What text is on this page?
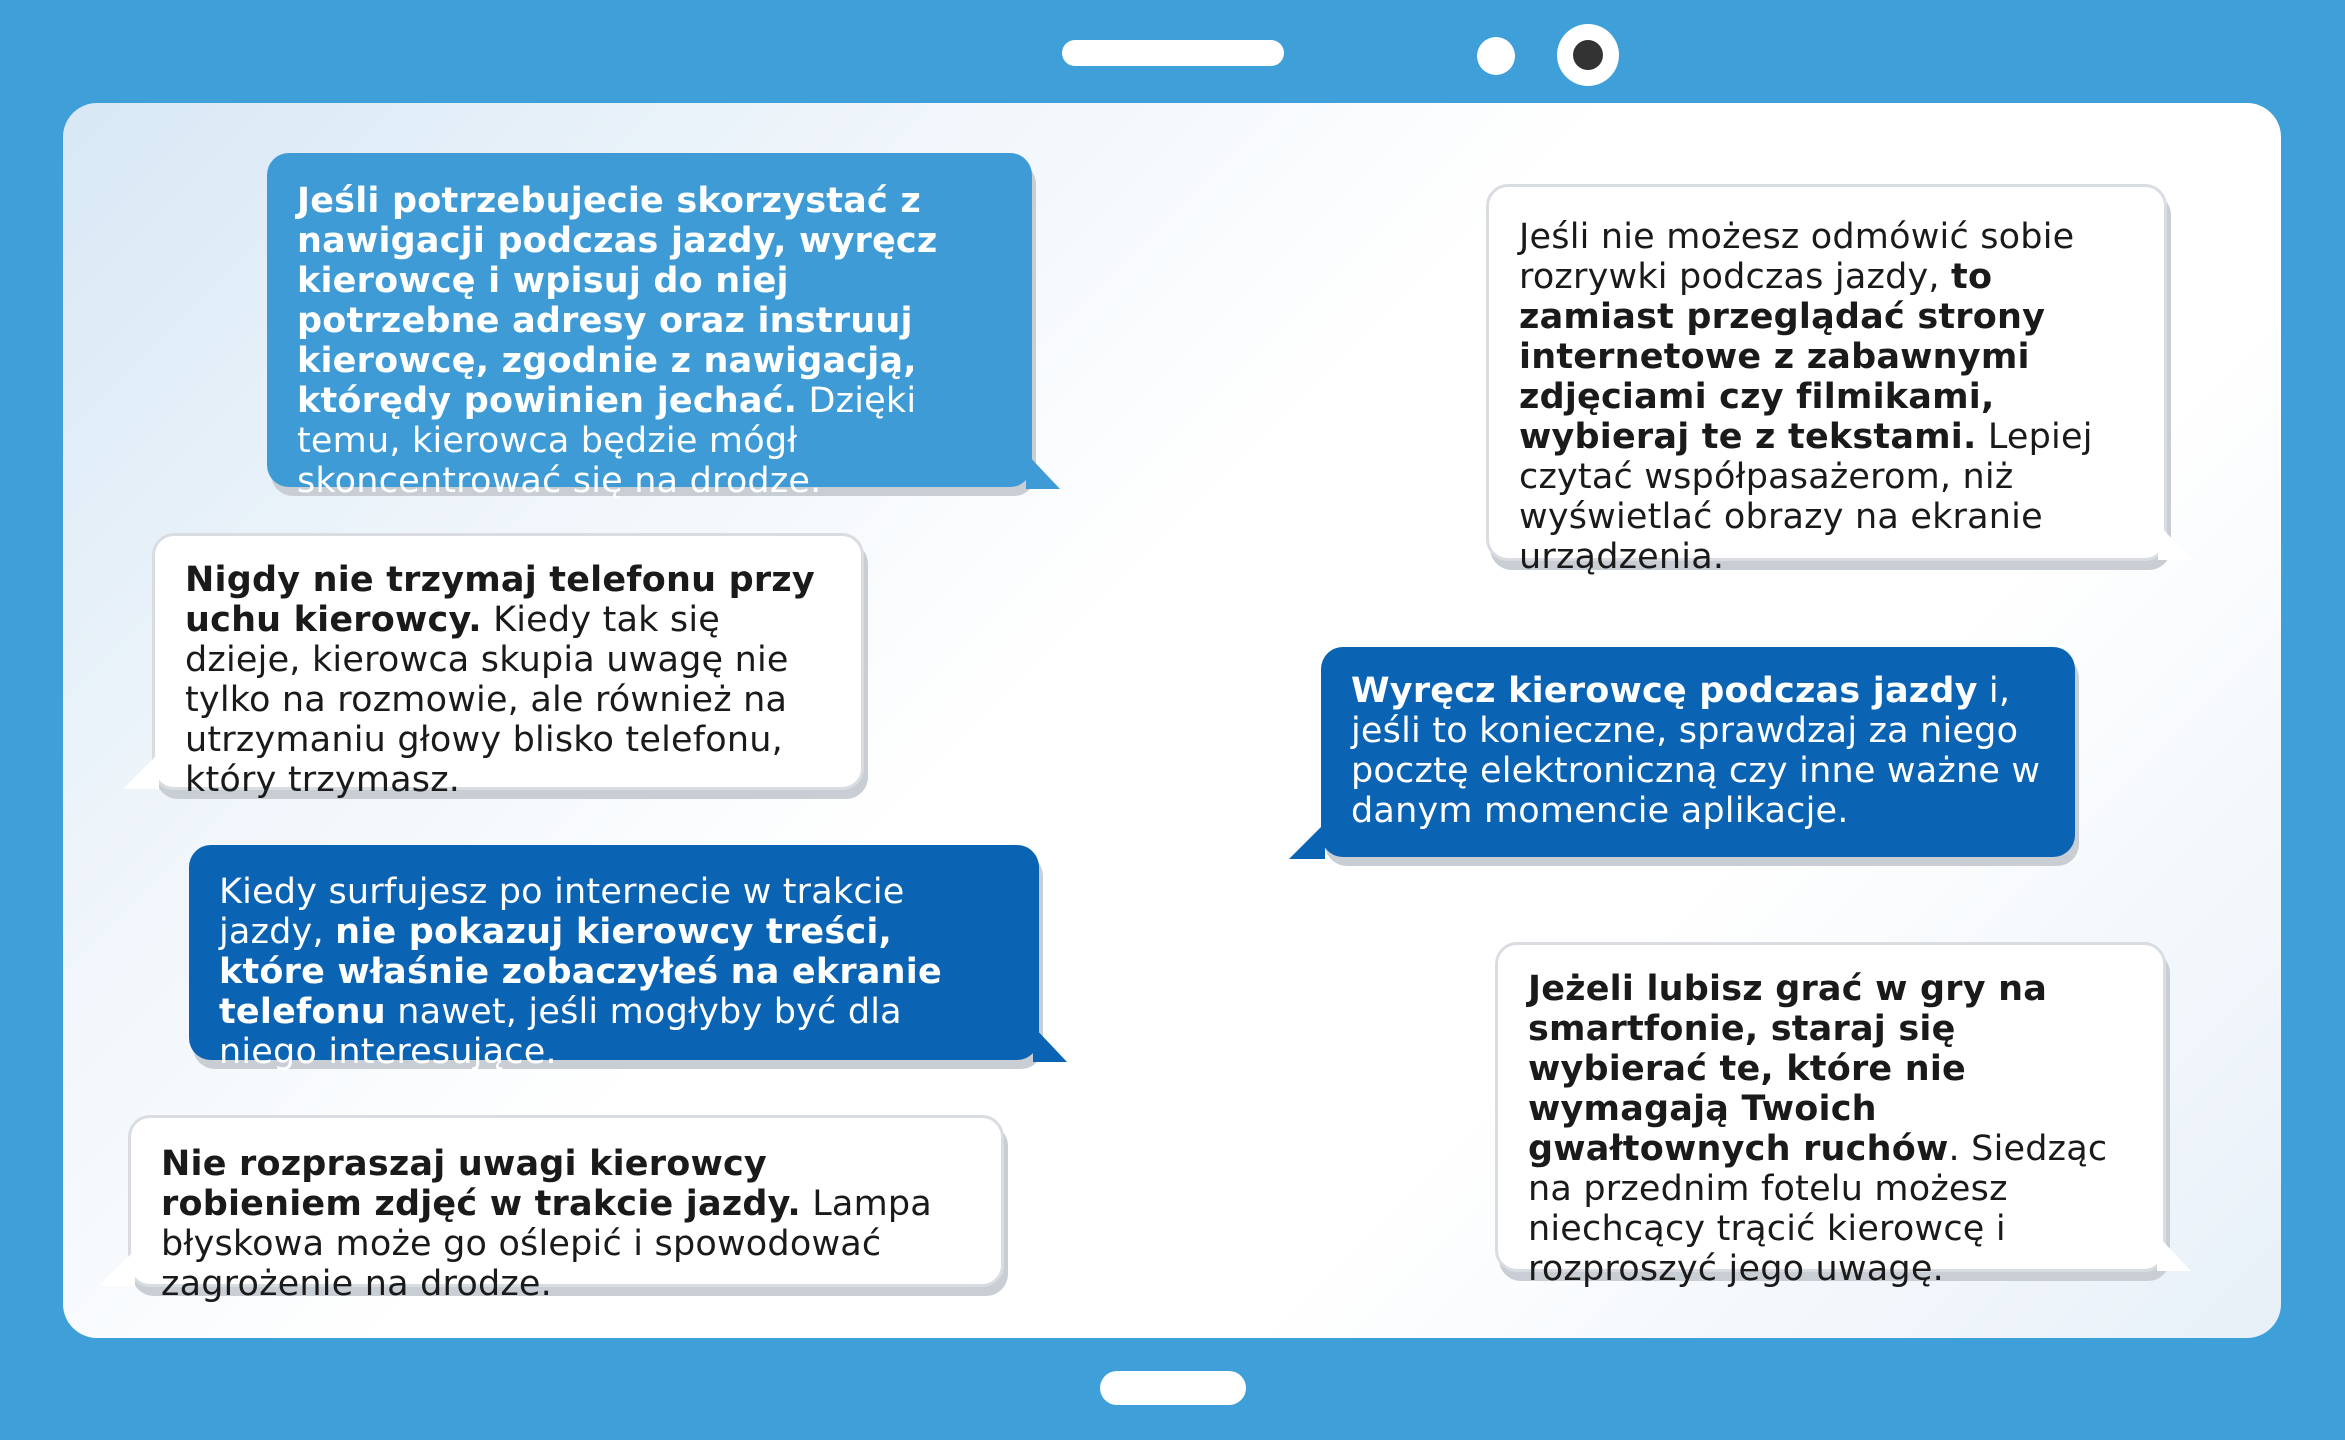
Jeśli potrzebujecie skorzystać z nawigacji podczas jazdy, wyręcz kierowcę i wpisuj do niej potrzebne adresy oraz instruuj kierowcę, zgodnie z nawigacją, którędy powinien jechać. Dzięki temu, kierowca będzie mógł skoncentrować się na drodze.
Nigdy nie trzymaj telefonu przy uchu kierowcy. Kiedy tak się dzieje, kierowca skupia uwagę nie tylko na rozmowie, ale również na utrzymaniu głowy blisko telefonu, który trzymasz.
Kiedy surfujesz po internecie w trakcie jazdy, nie pokazuj kierowcy treści, które właśnie zobaczyłeś na ekranie telefonu nawet, jeśli mogłyby być dla niego interesujące.
Nie rozpraszaj uwagi kierowcy robieniem zdjęć w trakcie jazdy. Lampa błyskowa może go oślepić i spowodować zagrożenie na drodze.
Jeśli nie możesz odmówić sobie rozrywki podczas jazdy, to zamiast przeglądać strony internetowe z zabawnymi zdjęciami czy filmikami, wybieraj te z tekstami. Lepiej czytać współpasażerom, niż wyświetlać obrazy na ekranie urządzenia.
Wyręcz kierowcę podczas jazdy i, jeśli to konieczne, sprawdzaj za niego pocztę elektroniczną czy inne ważne w danym momencie aplikacje.
Jeżeli lubisz grać w gry na smartfonie, staraj się wybierać te, które nie wymagają Twoich gwałtownych ruchów. Siedząc na przednim fotelu możesz niechcący trącić kierowcę i rozproszyć jego uwagę.
